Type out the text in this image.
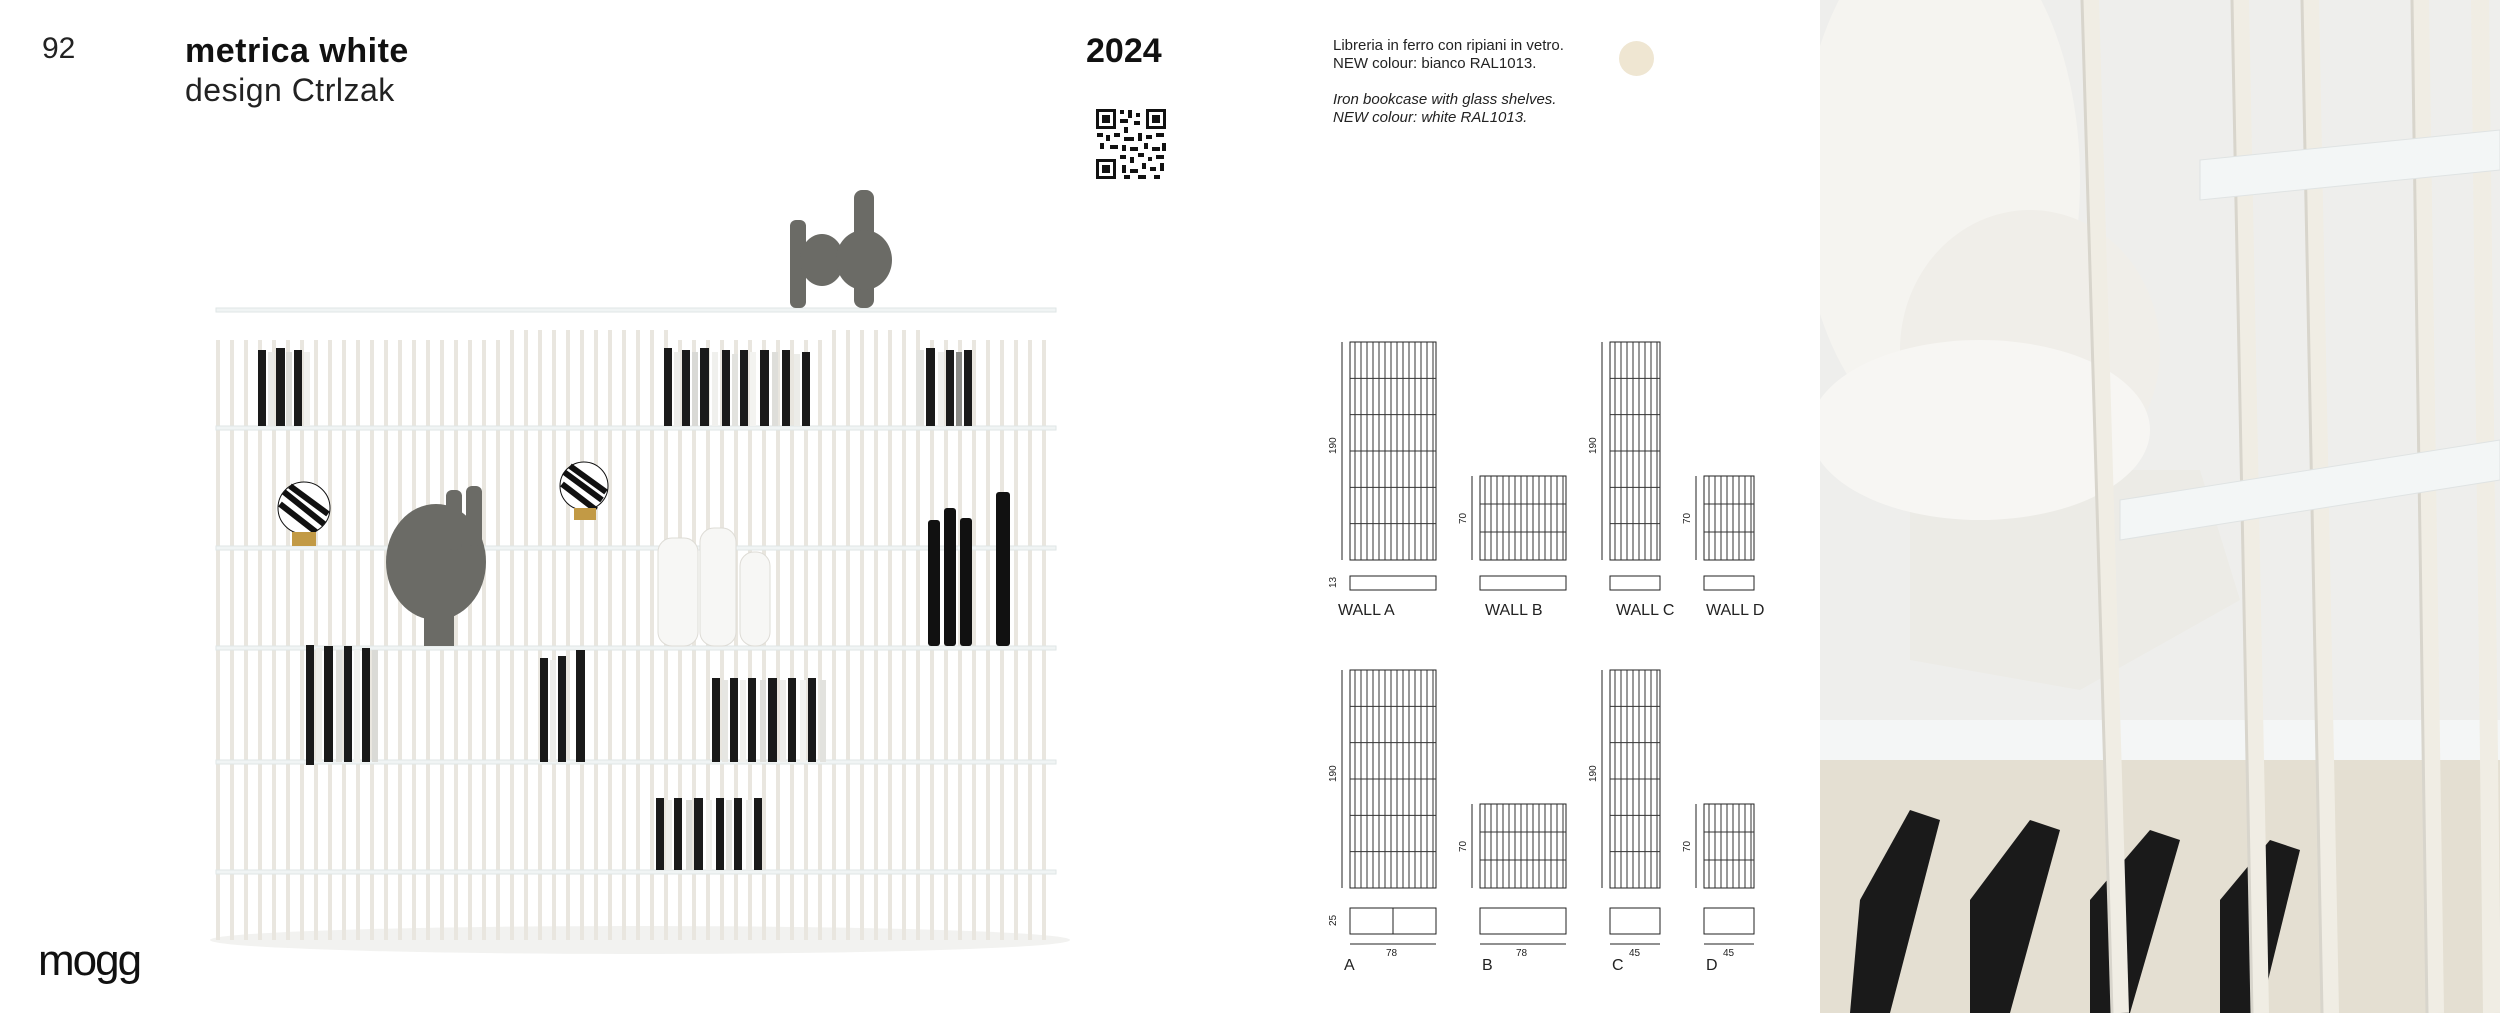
92	metrica white
design Ctrlzak
2024	Libreria in ferro con ripiani in vetro.
NEW colour: bianco RAL1013.
Iron bookcase with glass shelves.
NEW colour: white RAL1013.
mogg
WALL A	WALL B	WALL C WALL D
190
70
190
70
13
A	B	C	D
190
70
190
70
25
78	78	45	45
